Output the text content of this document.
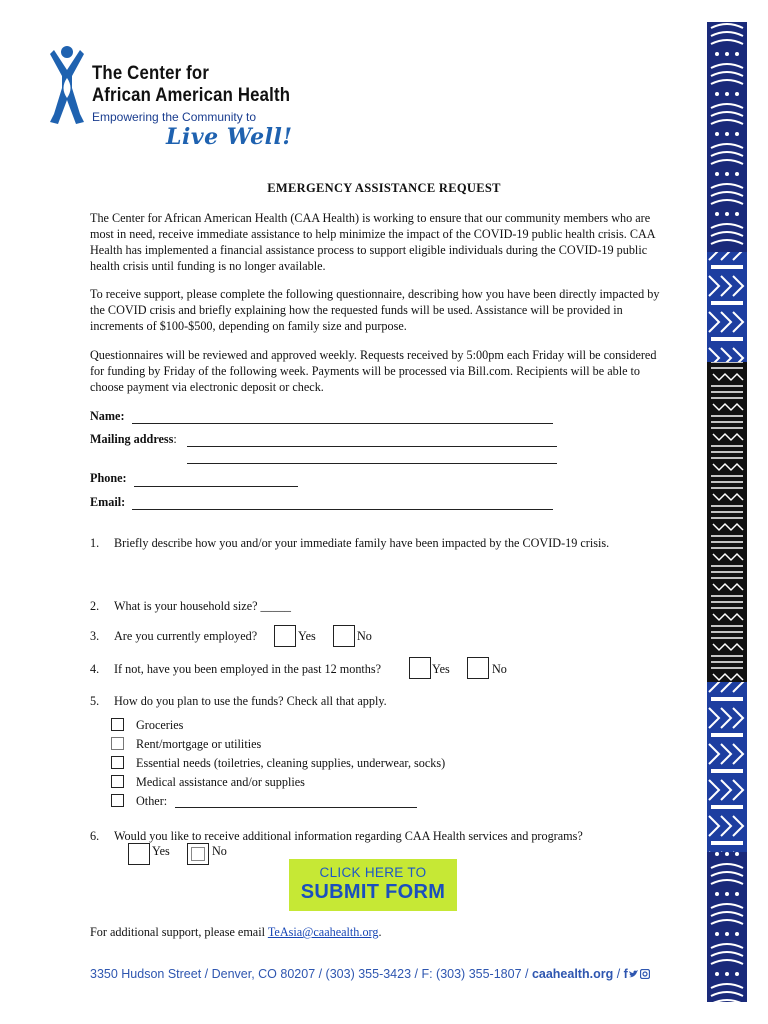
The Center for
African American Health
Empowering the Community to
Live Well!
EMERGENCY ASSISTANCE REQUEST
The Center for African American Health (CAA Health) is working to ensure that our community members who are most in need, receive immediate assistance to help minimize the impact of the COVID-19 public health crisis. CAA Health has implemented a financial assistance process to support eligible individuals during the COVID-19 public health crisis until funding is no longer available.
To receive support, please complete the following questionnaire, describing how you have been directly impacted by the COVID crisis and briefly explaining how the requested funds will be used. Assistance will be provided in increments of $100-$500, depending on family size and purpose.
Questionnaires will be reviewed and approved weekly. Requests received by 5:00pm each Friday will be considered for funding by Friday of the following week. Payments will be processed via Bill.com. Recipients will be able to choose payment via electronic deposit or check.
Name:
Mailing address:
Phone:
Email:
1. Briefly describe how you and/or your immediate family have been impacted by the COVID-19 crisis.
2. What is your household size? _____
3. Are you currently employed?	Yes	No
4. If not, have you been employed in the past 12 months?	Yes	No
5. How do you plan to use the funds? Check all that apply.
Groceries
Rent/mortgage or utilities
Essential needs (toiletries, cleaning supplies, underwear, socks)
Medical assistance and/or supplies
Other:
6. Would you like to receive additional information regarding CAA Health services and programs?
Yes	No
CLICK HERE TO
SUBMIT FORM
For additional support, please email TeAsia@caahealth.org.
3350 Hudson Street / Denver, CO 80207 / (303) 355-3423 / F: (303) 355-1807 / caahealth.org / f
